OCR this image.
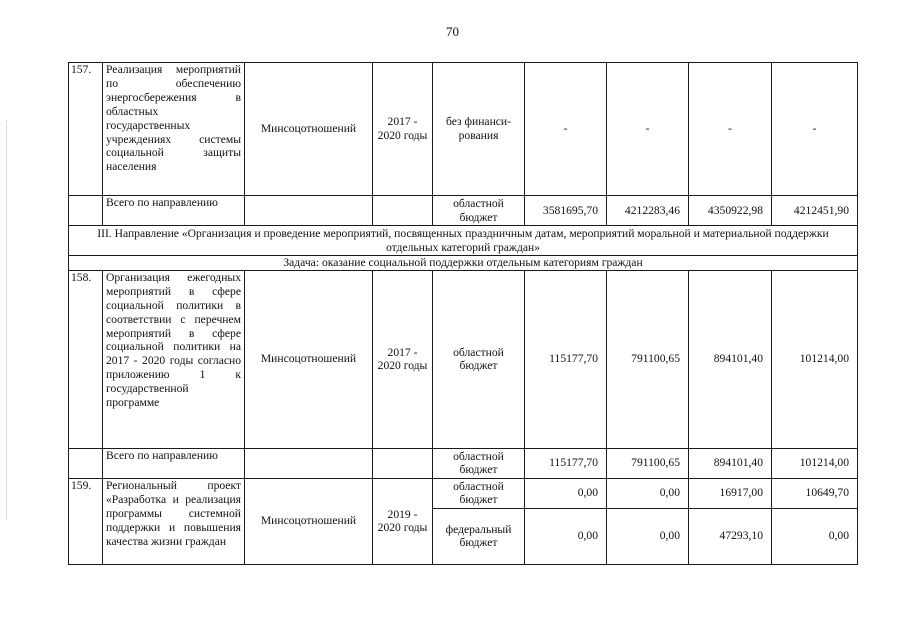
70
157.	Реализация мероприятий по обеспечению энергосбережения в областных государственных учреждениях системы социальной защиты населения	Минсоцотношений	2017 - 2020 годы	без финанси-рования	-	-	-	-
	Всего по направлению			областной бюджет	3581695,70	4212283,46	4350922,98	4212451,90
III. Направление «Организация и проведение мероприятий, посвященных праздничным датам, мероприятий моральной и материальной поддержки отдельных категорий граждан»								
Задача: оказание социальной поддержки отдельным категориям граждан								
158.	Организация ежегодных мероприятий в сфере социальной политики в соответствии с перечнем мероприятий в сфере социальной политики на 2017 - 2020 годы согласно приложению 1 к государственной программе	Минсоцотношений	2017 - 2020 годы	областной бюджет	115177,70	791100,65	894101,40	101214,00
	Всего по направлению			областной бюджет	115177,70	791100,65	894101,40	101214,00
159.	Региональный проект «Разработка и реализация программы системной поддержки и повышения качества жизни граждан	Минсоцотношений	2019 - 2020 годы	областной бюджет	0,00	0,00	16917,00	10649,70
				федеральный бюджет	0,00	0,00	47293,10	0,00
